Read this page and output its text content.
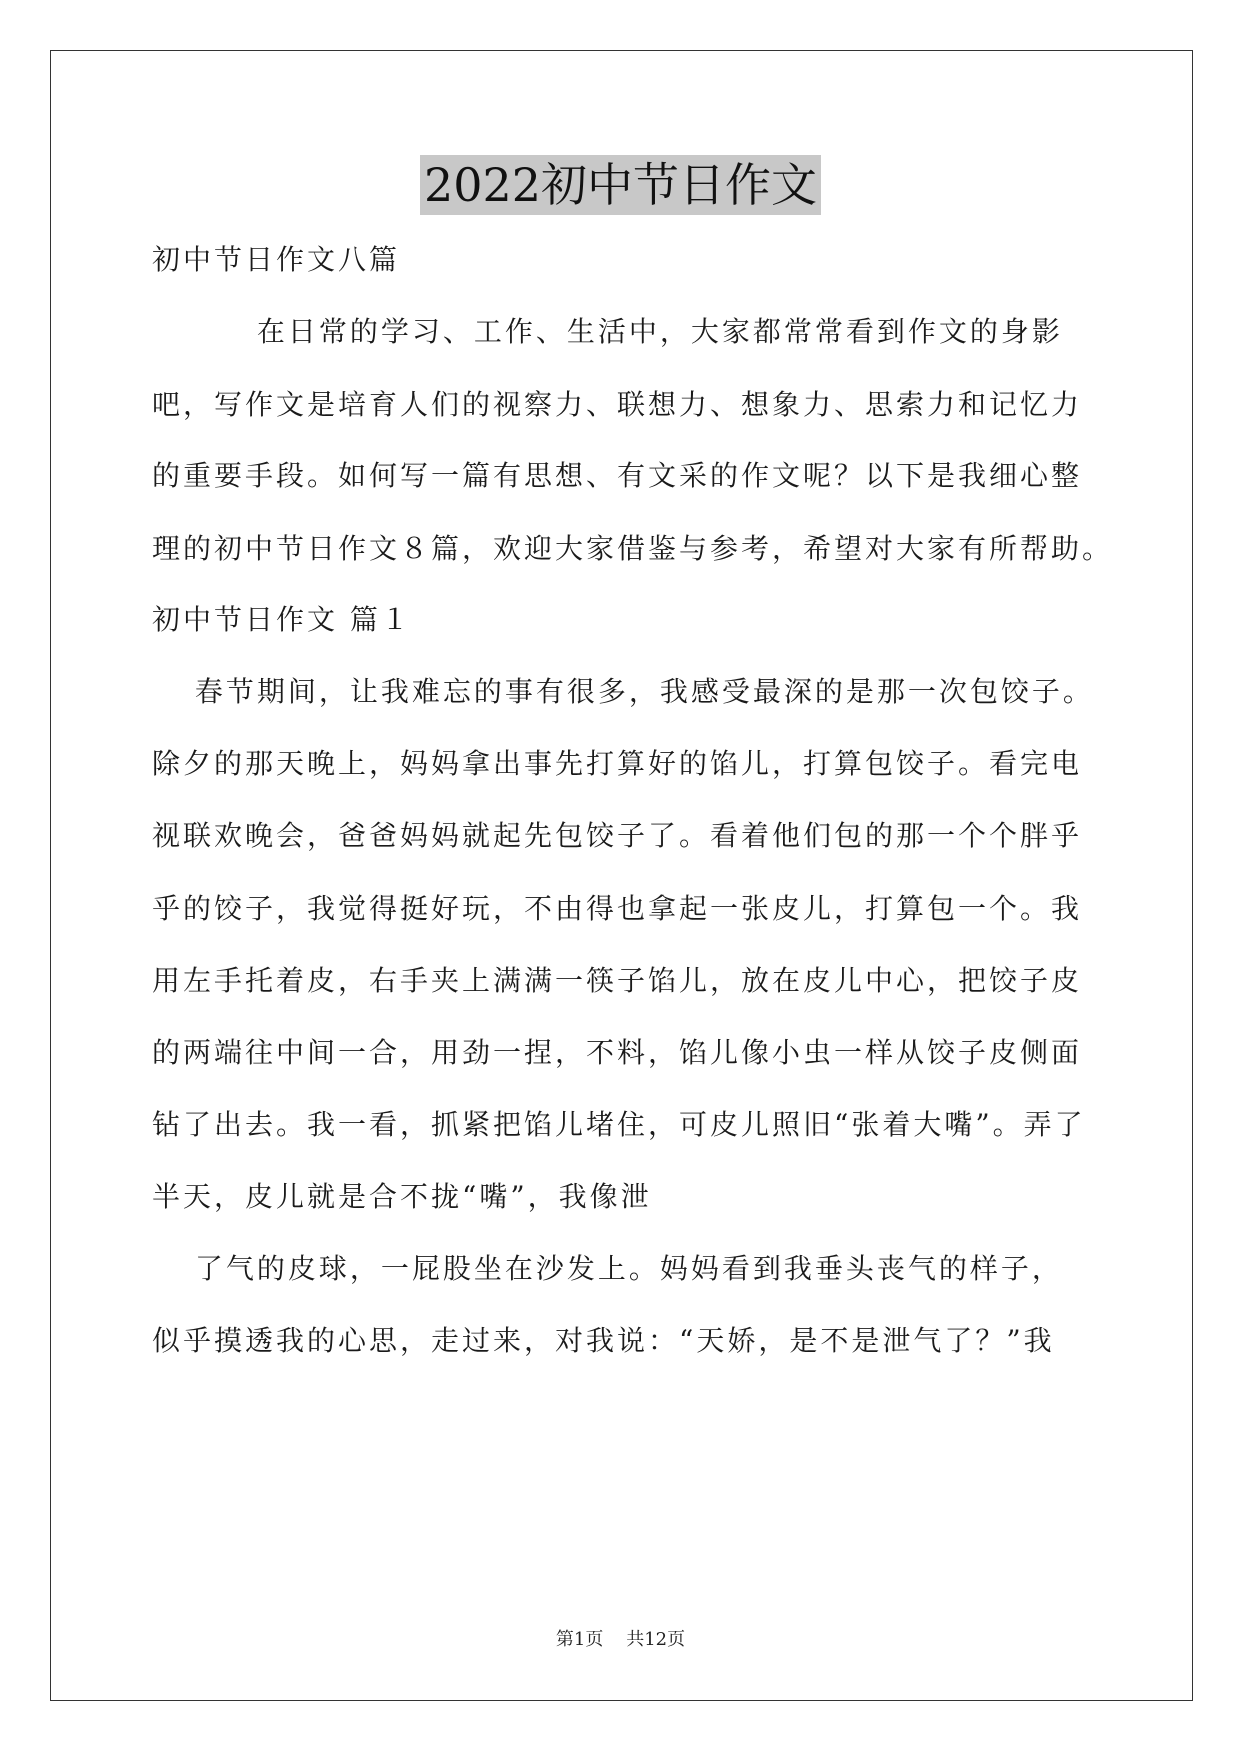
2022初中节日作文
初中节日作文八篇
　　　 在日常的学习、工作、生活中，大家都常常看到作文的身影
吧，写作文是培育人们的视察力、联想力、想象力、思索力和记忆力
的重要手段。如何写一篇有思想、有文采的作文呢？以下是我细心整
理的初中节日作文８篇，欢迎大家借鉴与参考，希望对大家有所帮助。
初中节日作文 篇１
　 春节期间，让我难忘的事有很多，我感受最深的是那一次包饺子。
除夕的那天晚上，妈妈拿出事先打算好的馅儿，打算包饺子。看完电
视联欢晚会，爸爸妈妈就起先包饺子了。看着他们包的那一个个胖乎
乎的饺子，我觉得挺好玩，不由得也拿起一张皮儿，打算包一个。我
用左手托着皮，右手夹上满满一筷子馅儿，放在皮儿中心，把饺子皮
的两端往中间一合，用劲一捏，不料，馅儿像小虫一样从饺子皮侧面
钻了出去。我一看，抓紧把馅儿堵住，可皮儿照旧“张着大嘴”。弄了
半天，皮儿就是合不拢“嘴”，我像泄
　 了气的皮球，一屁股坐在沙发上。妈妈看到我垂头丧气的样子，
似乎摸透我的心思，走过来，对我说：“天娇，是不是泄气了？”我
第1页 共12页
